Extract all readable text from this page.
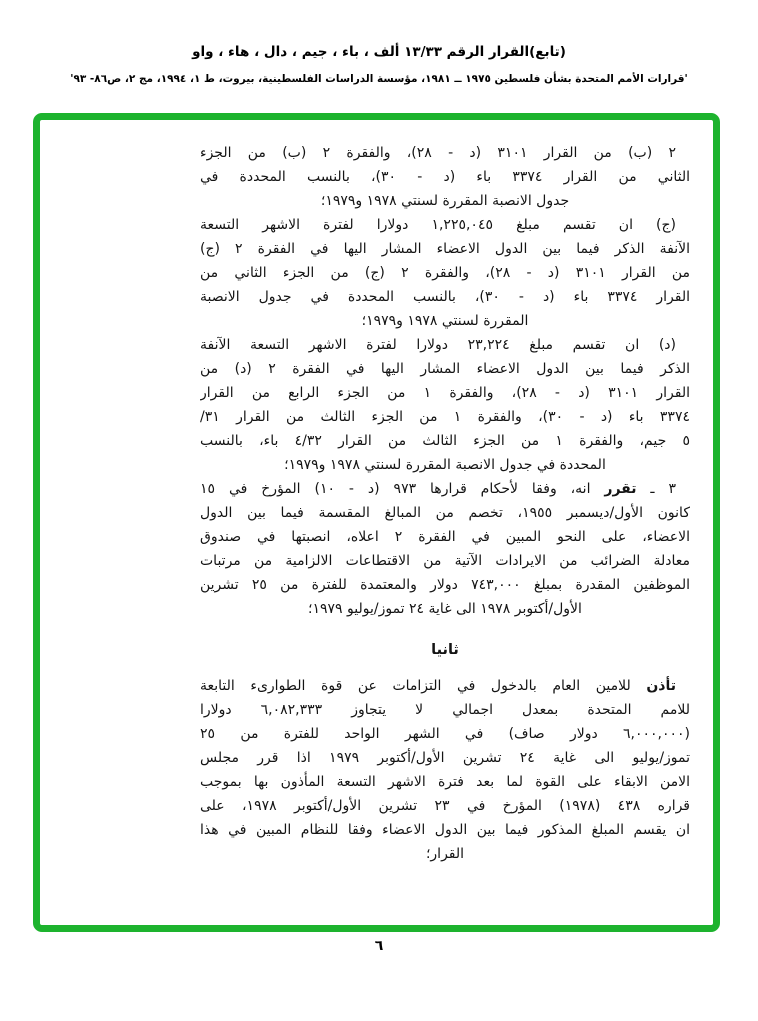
(تابع)القرار الرقم ١٣/٣٣ ألف ، باء ، جيم ، دال ، هاء ، واو
'قرارات الأمم المتحدة بشأن فلسطين ١٩٧٥ ــ ١٩٨١، مؤسسة الدراسات الفلسطينية، بيروت، ط ١، ١٩٩٤، مج ٢، ص٨٦- ٩٣'
٢ (ب) من القرار ٣١٠١ (د - ٢٨)، والفقرة ٢ (ب) من الجزء
الثاني من القرار ٣٣٧٤ باء (د - ٣٠)، بالنسب المحددة في
جدول الانصبة المقررة لسنتي ١٩٧٨ و١٩٧٩؛
(ج) ان تقسم مبلغ ١,٢٢٥,٠٤٥ دولارا لفترة الاشهر التسعة
الآنفة الذكر فيما بين الدول الاعضاء المشار اليها في الفقرة ٢ (ج)
من القرار ٣١٠١ (د - ٢٨)، والفقرة ٢ (ج) من الجزء الثاني من
القرار ٣٣٧٤ باء (د - ٣٠)، بالنسب المحددة في جدول الانصبة
المقررة لسنتي ١٩٧٨ و١٩٧٩؛
(د) ان تقسم مبلغ ٢٣,٢٢٤ دولارا لفترة الاشهر التسعة الآنفة
الذكر فيما بين الدول الاعضاء المشار اليها في الفقرة ٢ (د) من
القرار ٣١٠١ (د - ٢٨)، والفقرة ١ من الجزء الرابع من القرار
٣٣٧٤ باء (د - ٣٠)، والفقرة ١ من الجزء الثالث من القرار ٣١/
٥ جيم، والفقرة ١ من الجزء الثالث من القرار ٤/٣٢ باء، بالنسب
المحددة في جدول الانصبة المقررة لسنتي ١٩٧٨ و١٩٧٩؛
٣ ـ تقرر انه، وفقا لأحكام قرارها ٩٧٣ (د - ١٠) المؤرخ في ١٥
كانون الأول/ديسمبر ١٩٥٥، تخصم من المبالغ المقسمة فيما بين الدول
الاعضاء، على النحو المبين في الفقرة ٢ اعلاه، انصبتها في صندوق
معادلة الضرائب من الايرادات الآتية من الاقتطاعات الالزامية من مرتبات
الموظفين المقدرة بمبلغ ٧٤٣,٠٠٠ دولار والمعتمدة للفترة من ٢٥ تشرين
الأول/أكتوبر ١٩٧٨ الى غاية ٢٤ تموز/يوليو ١٩٧٩؛
ثانيا
تأذن للامين العام بالدخول في التزامات عن قوة الطوارىء التابعة
للامم المتحدة بمعدل اجمالي لا يتجاوز ٦,٠٨٢,٣٣٣ دولارا
(٦,٠٠٠,٠٠٠ دولار صاف) في الشهر الواحد للفترة من ٢٥
تموز/يوليو الى غاية ٢٤ تشرين الأول/أكتوبر ١٩٧٩ اذا قرر مجلس
الامن الابقاء على القوة لما بعد فترة الاشهر التسعة المأذون بها بموجب
قراره ٤٣٨ (١٩٧٨) المؤرخ في ٢٣ تشرين الأول/أكتوبر ١٩٧٨، على
ان يقسم المبلغ المذكور فيما بين الدول الاعضاء وفقا للنظام المبين في هذا
القرار؛
٦
